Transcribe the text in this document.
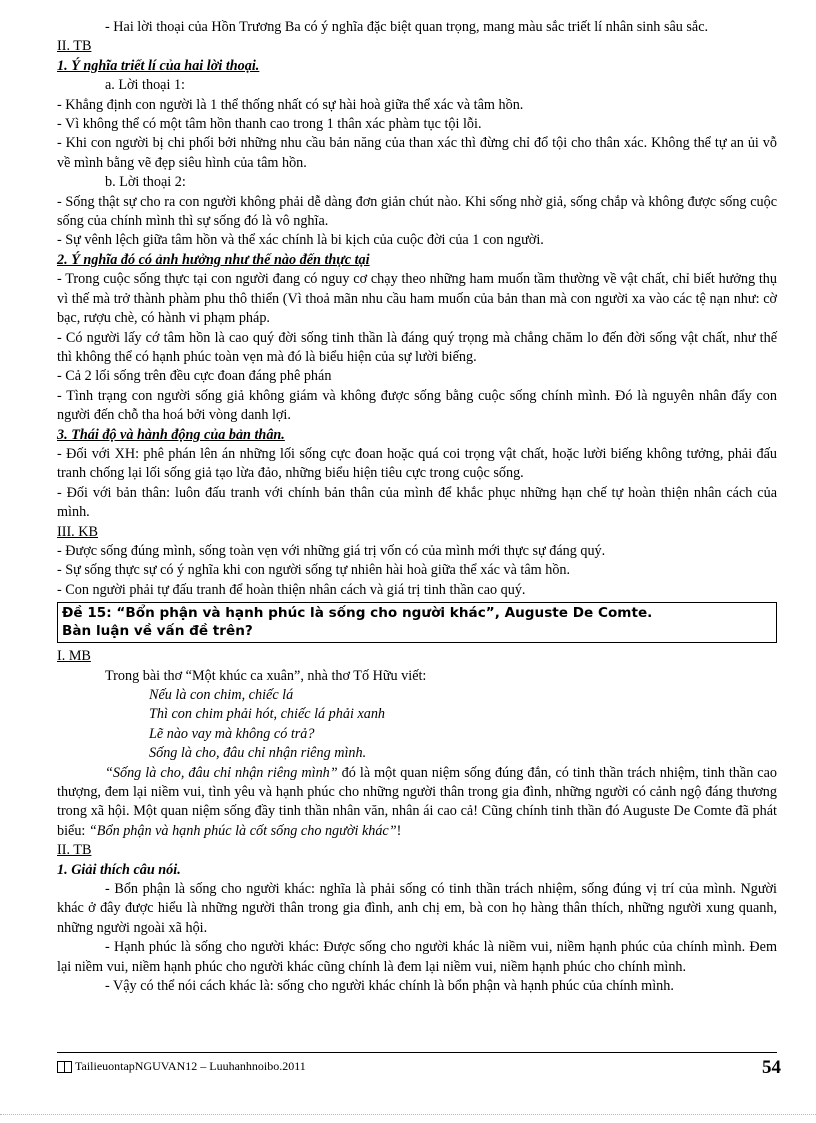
- Hai lời thoại của Hồn Trương Ba có ý nghĩa đặc biệt quan trọng, mang màu sắc triết lí nhân sinh sâu sắc.

II. TB

1. Ý nghĩa triết lí của hai lời thoại.

a. Lời thoại 1:

- Khẳng định con người là 1 thể thống nhất có sự hài hoà giữa thể xác và tâm hồn.

- Vì không thể có một tâm hồn thanh cao trong 1 thân xác phàm tục tội lỗi.

- Khi con người bị chi phối bởi những nhu cầu bản năng của than xác thì đừng chỉ đổ tội cho thân xác. Không thể tự an ủi vỗ về mình bằng vẽ đẹp siêu hình của tâm hồn.

b. Lời thoại 2:

- Sống thật sự cho ra con người không phải dễ dàng đơn giản chút nào. Khi sống nhờ giả, sống chắp và không được sống cuộc sống của chính mình thì sự sống đó là vô nghĩa.

- Sự vênh lệch giữa tâm hồn và thể xác chính là bi kịch của cuộc đời của 1 con người.

2. Ý nghĩa đó có ảnh hưởng như thế nào đến thực tại

- Trong cuộc sống thực tại con người đang có nguy cơ chạy theo những ham muốn tầm thường về vật chất, chỉ biết hưởng thụ vì thế mà trở thành phàm phu thô thiển (Vì thoả mãn nhu cầu ham muốn của bản than mà con người xa vào các tệ nạn như: cờ bạc, rượu chè, có hành vi phạm pháp.

- Có người lấy cớ tâm hồn là cao quý đời sống tinh thần là đáng quý trọng mà chẳng chăm lo đến đời sống vật chất, như thế thì không thể có hạnh phúc toàn vẹn mà đó là biểu hiện của sự lười biếng.

- Cả 2 lối sống trên đều cực đoan đáng phê phán

- Tình trạng con người sống giả không giám và không được sống bằng cuộc sống chính mình. Đó là nguyên nhân đẩy con người đến chỗ tha hoá bởi vòng danh lợi.

3. Thái độ và hành động của bản thân.

- Đối với XH: phê phán lên án những lối sống cực đoan hoặc quá coi trọng vật chất, hoặc lười biếng không tưởng, phải đấu tranh chống lại lối sống giả tạo lừa đảo, những biểu hiện tiêu cực trong cuộc sống.

- Đối với bản thân: luôn đấu tranh với chính bản thân của mình để khắc phục những hạn chế tự hoàn thiện nhân cách của mình.

III. KB

- Được sống đúng mình, sống toàn vẹn với những giá trị vốn có của mình mới thực sự đáng quý.

- Sự sống thực sự có ý nghĩa khi con người sống tự nhiên hài hoà giữa thể xác và tâm hồn.

- Con người phải tự đấu tranh để hoàn thiện nhân cách và giá trị tinh thần cao quý.

Đề 15: “Bổn phận và hạnh phúc là sống cho người khác”, Auguste De Comte.
Bàn luận về vấn đề trên?

I. MB

Trong bài thơ “Một khúc ca xuân”, nhà thơ Tố Hữu viết:

Nếu là con chim, chiếc lá

Thì con chim phải hót, chiếc lá phải xanh

Lẽ nào vay mà không có trả?

Sống là cho, đâu chỉ nhận riêng mình.

“Sống là cho, đâu chỉ nhận riêng mình” đó là một quan niệm sống đúng đắn, có tinh thần trách nhiệm, tinh thần cao thượng, đem lại niềm vui, tình yêu và hạnh phúc cho những người thân trong gia đình, những người có cảnh ngộ đáng thương trong xã hội. Một quan niệm sống đầy tinh thần nhân văn, nhân ái cao cả! Cũng chính tinh thần đó Auguste De Comte đã phát biểu: “Bổn phận và hạnh phúc là cốt sống cho người khác”!

II. TB

1. Giải thích câu nói.

- Bổn phận là sống cho người khác: nghĩa là phải sống có tinh thần trách nhiệm, sống đúng vị trí của mình. Người khác ở đây được hiểu là những người thân trong gia đình, anh chị em, bà con họ hàng thân thích, những người xung quanh, những người ngoài xã hội.

- Hạnh phúc là sống cho người khác: Được sống cho người khác là niềm vui, niềm hạnh phúc của chính mình. Đem lại niềm vui, niềm hạnh phúc cho người khác cũng chính là đem lại niềm vui, niềm hạnh phúc cho chính mình.

- Vậy có thể nói cách khác là: sống cho người khác chính là bổn phận và hạnh phúc của chính mình.

TailieuontapNGUVAN12 – Luuhanhnoibo.2011	54
